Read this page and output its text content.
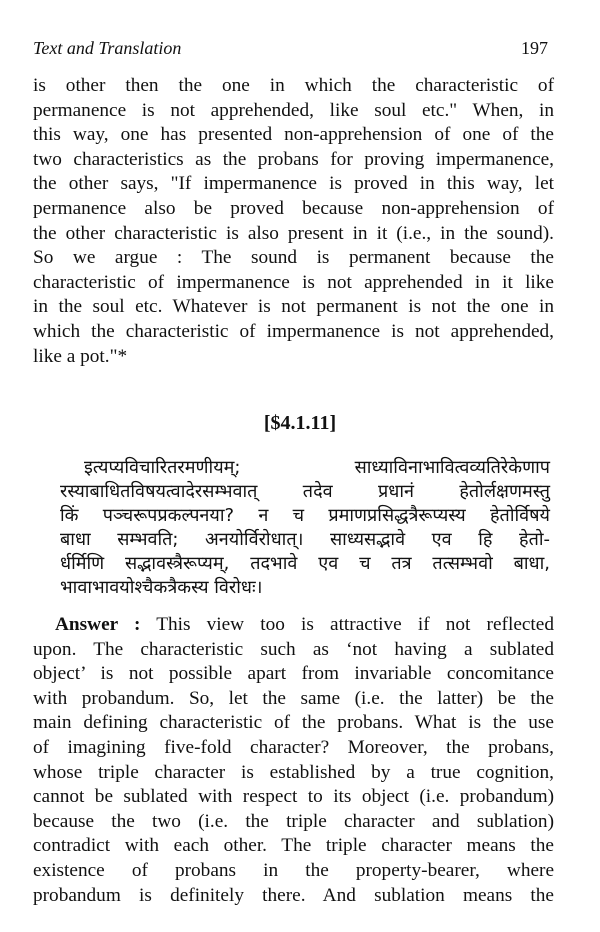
Text and Translation	197
is other then the one in which the characteristic of
permanence is not apprehended, like soul etc." When, in
this way, one has presented non-apprehension of one of the
two characteristics as the probans for proving impermanence,
the other says, "If impermanence is proved in this way, let
permanence also be proved because non-apprehension of
the other characteristic is also present in it (i.e., in the sound).
So we argue : The sound is permanent because the
characteristic of impermanence is not apprehended in it like
in the soul etc. Whatever is not permanent is not the one in
which the characteristic of impermanence is not apprehended,
like a pot."*
[$4.1.11]
इत्यप्यविचारितरमणीयम्; साध्याविनाभावित्वव्यतिरेकेणाप
रस्याबाधितविषयत्वादेरसम्भवात् तदेव प्रधानं हेतोर्लक्षणमस्तु
किं पञ्चरूपप्रकल्पनया? न च प्रमाणप्रसिद्धत्रैरूप्यस्य हेतोर्विषये
बाधा सम्भवति; अनयोर्विरोधात्। साध्यसद्भावे एव हि हेतो-
र्धर्मिणि सद्भावस्त्रैरूप्यम्, तदभावे एव च तत्र तत्सम्भवो बाधा,
भावाभावयोश्चैकत्रैकस्य विरोधः।
Answer : This view too is attractive if not reflected
upon. The characteristic such as ‘not having a sublated
object’ is not possible apart from invariable concomitance
with probandum. So, let the same (i.e. the latter) be the
main defining characteristic of the probans. What is the use
of imagining five-fold character? Moreover, the probans,
whose triple character is established by a true cognition,
cannot be sublated with respect to its object (i.e. probandum)
because the two (i.e. the triple character and sublation)
contradict with each other. The triple character means the
existence of probans in the property-bearer, where
probandum is definitely there. And sublation means the
